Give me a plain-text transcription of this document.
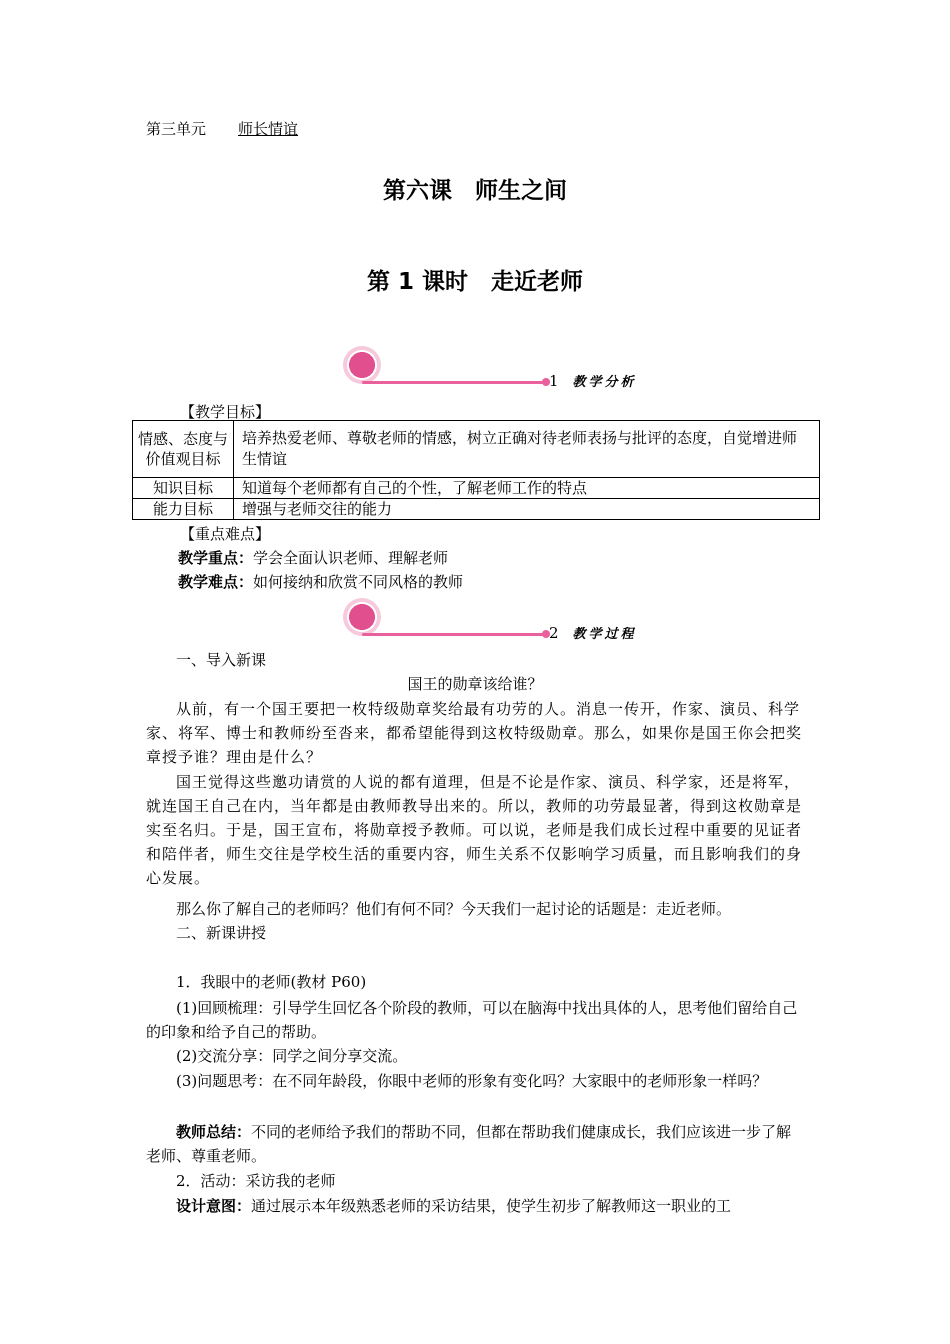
第三单元 师长情谊
第六课　师生之间
第 1 课时　走近老师
1 教学分析
【教学目标】
情感、态度与价值观目标	培养热爱老师、尊敬老师的情感，树立正确对待老师表扬与批评的态度，自觉增进师生情谊
知识目标	知道每个老师都有自己的个性，了解老师工作的特点
能力目标	增强与老师交往的能力
【重点难点】
教学重点：学会全面认识老师、理解老师
教学难点：如何接纳和欣赏不同风格的教师
2 教学过程
一、导入新课
国王的勋章该给谁？
从前，有一个国王要把一枚特级勋章奖给最有功劳的人。消息一传开，作家、演员、科学家、将军、博士和教师纷至沓来，都希望能得到这枚特级勋章。那么，如果你是国王你会把奖章授予谁？理由是什么？
国王觉得这些邀功请赏的人说的都有道理，但是不论是作家、演员、科学家，还是将军，就连国王自己在内，当年都是由教师教导出来的。所以，教师的功劳最显著，得到这枚勋章是实至名归。于是，国王宣布，将勋章授予教师。可以说，老师是我们成长过程中重要的见证者和陪伴者，师生交往是学校生活的重要内容，师生关系不仅影响学习质量，而且影响我们的身心发展。
那么你了解自己的老师吗？他们有何不同？今天我们一起讨论的话题是：走近老师。
二、新课讲授
1．我眼中的老师(教材 P60)
(1)回顾梳理：引导学生回忆各个阶段的教师，可以在脑海中找出具体的人，思考他们留给自己的印象和给予自己的帮助。
(2)交流分享：同学之间分享交流。
(3)问题思考：在不同年龄段，你眼中老师的形象有变化吗？大家眼中的老师形象一样吗？
教师总结：不同的老师给予我们的帮助不同，但都在帮助我们健康成长，我们应该进一步了解老师、尊重老师。
2．活动：采访我的老师
设计意图：通过展示本年级熟悉老师的采访结果，使学生初步了解教师这一职业的工
